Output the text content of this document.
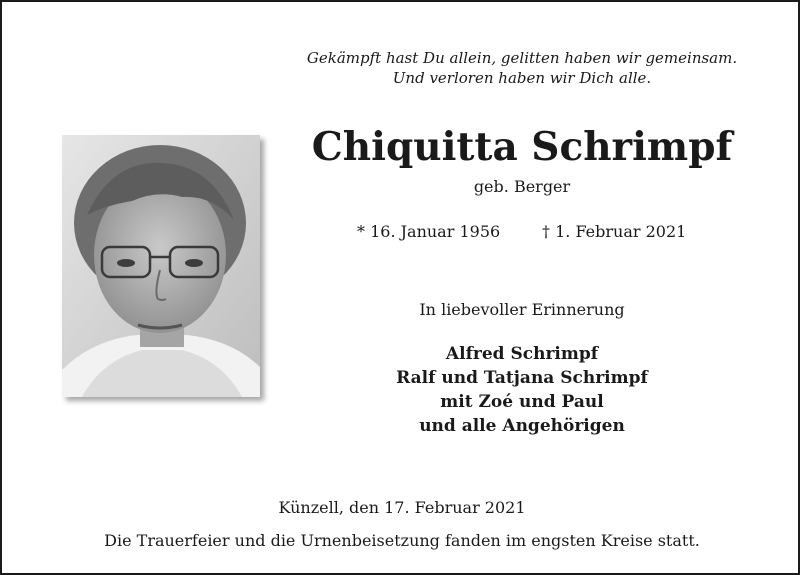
Gekämpft hast Du allein, gelitten haben wir gemeinsam.
Und verloren haben wir Dich alle.
Chiquitta Schrimpf
geb. Berger
* 16. Januar 1956	† 1. Februar 2021
In liebevoller Erinnerung
Alfred Schrimpf
Ralf und Tatjana Schrimpf
mit Zoé und Paul
und alle Angehörigen
Künzell, den 17. Februar 2021
Die Trauerfeier und die Urnenbeisetzung fanden im engsten Kreise statt.
